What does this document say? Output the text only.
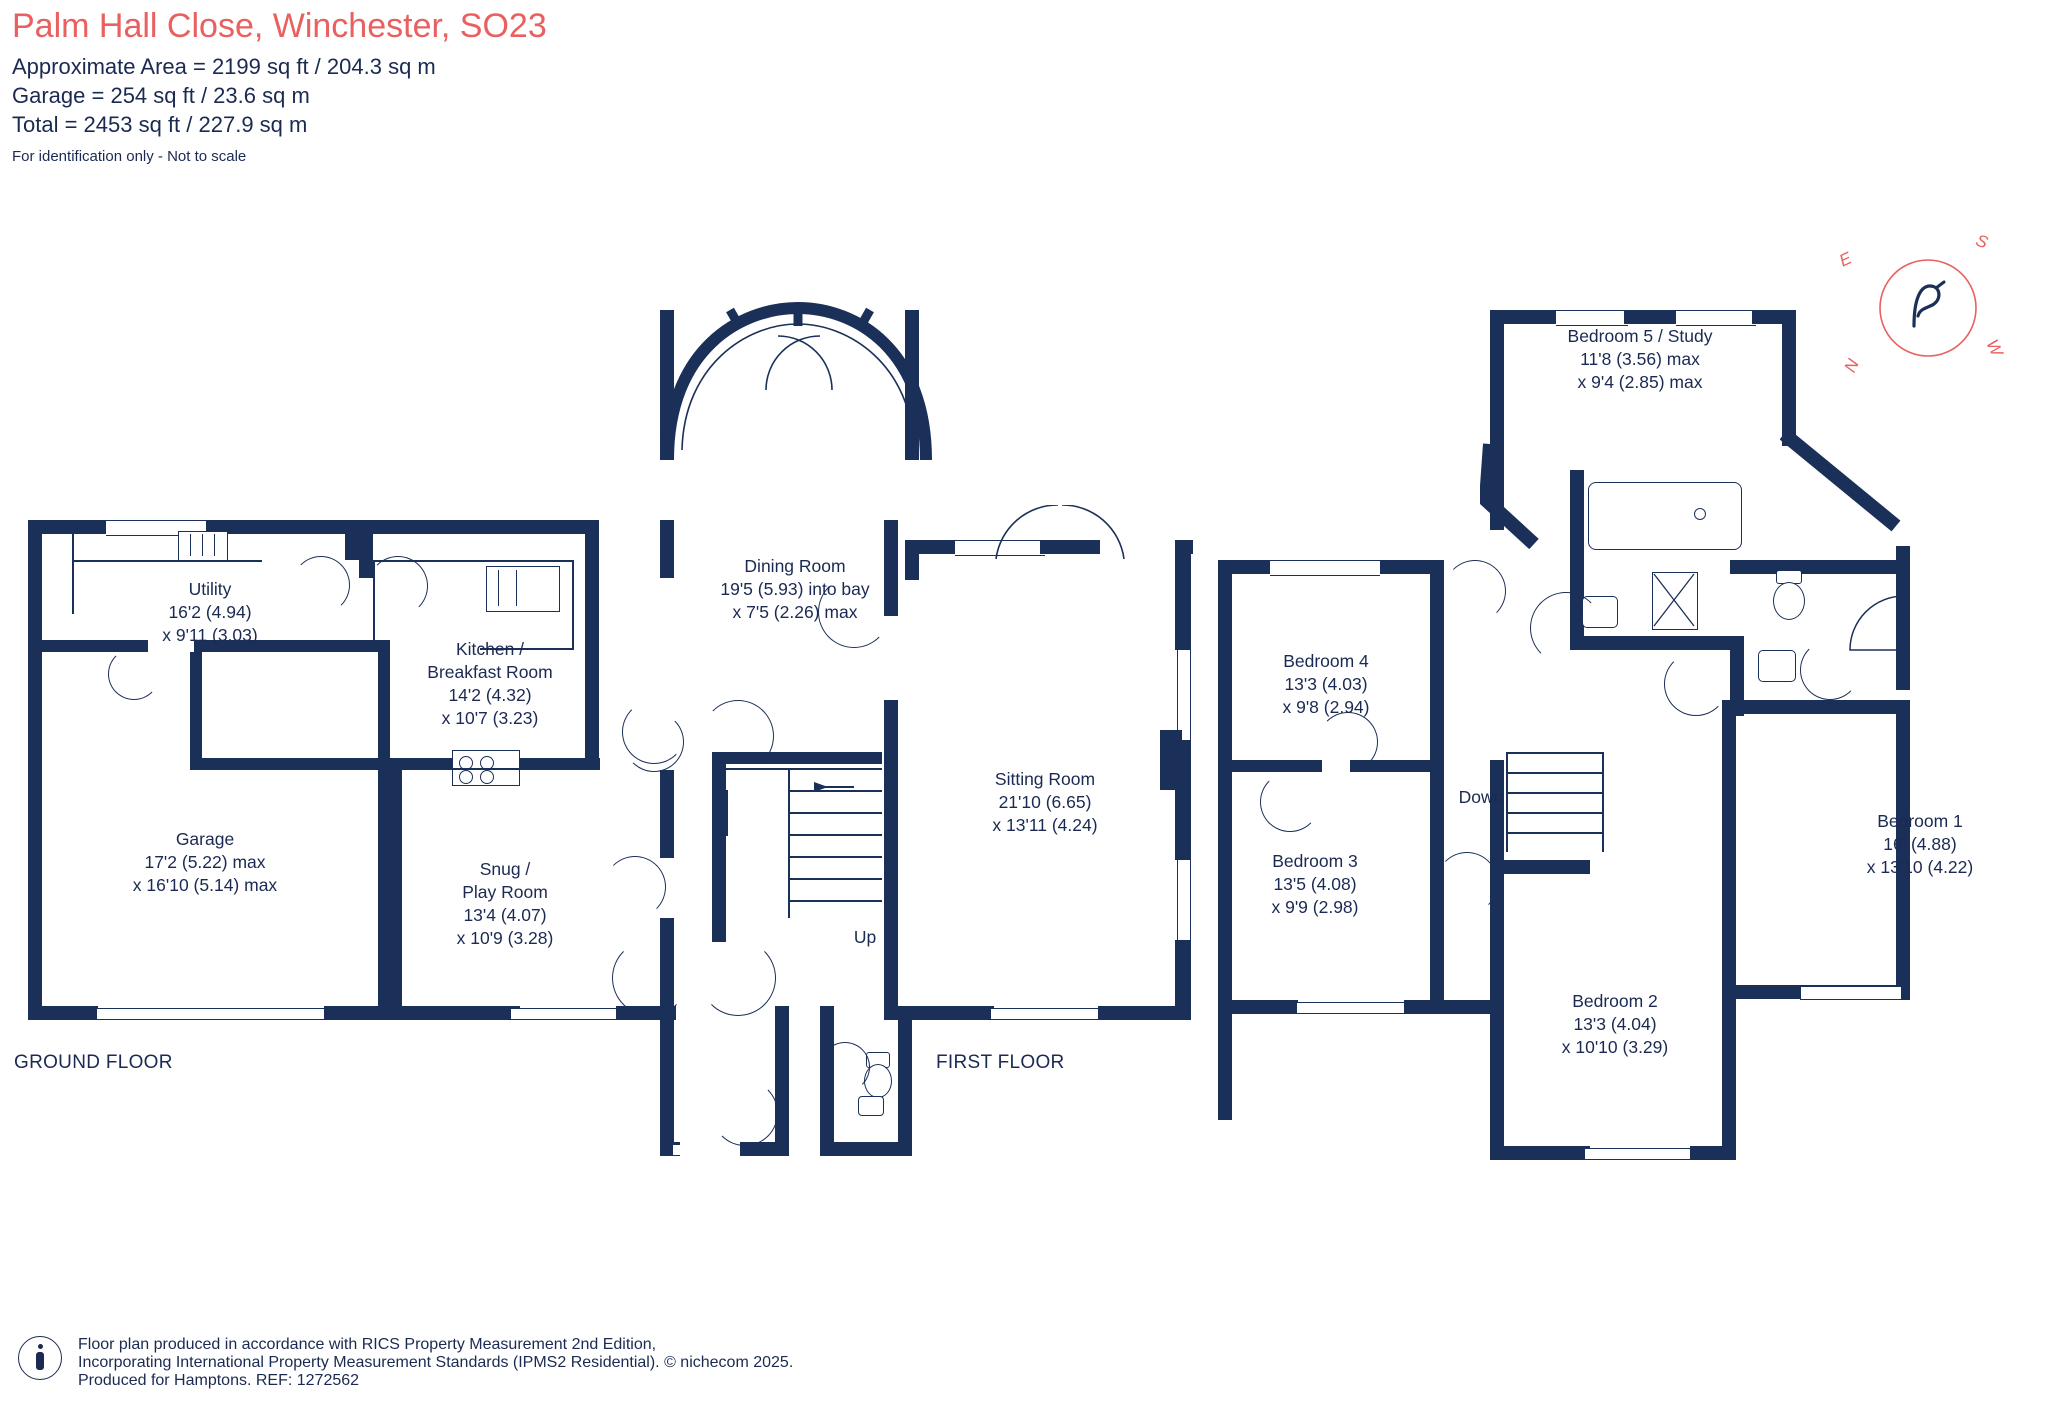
Palm Hall Close, Winchester, SO23
Approximate Area = 2199 sq ft / 204.3 sq m
Garage = 254 sq ft / 23.6 sq m
Total = 2453 sq ft / 227.9 sq m
For identification only - Not to scale
S
E
W
N
Utility
16'2 (4.94)
x 9'11 (3.03)
Kitchen /
Breakfast Room
14'2 (4.32)
x 10'7 (3.23)
Dining Room
19'5 (5.93) into bay
x 7'5 (2.26) max
Sitting Room
21'10 (6.65)
x 13'11 (4.24)
Garage
17'2 (5.22) max
x 16'10 (5.14) max
Snug /
Play Room
13'4 (4.07)
x 10'9 (3.28)	Up
GROUND FLOOR
Bedroom 4
13'3 (4.03)
x 9'8 (2.94)
Bedroom 3
13'5 (4.08)
x 9'9 (2.98)
Bedroom 2
13'3 (4.04)
x 10'10 (3.29)
Bedroom 1
16' (4.88)
x 13'10 (4.22)
Bedroom 5 / Study
11'8 (3.56) max
x 9'4 (2.85) max
Down
FIRST FLOOR
Floor plan produced in accordance with RICS Property Measurement 2nd Edition,
Incorporating International Property Measurement Standards (IPMS2 Residential). © nichecom 2025.
Produced for Hamptons. REF: 1272562
